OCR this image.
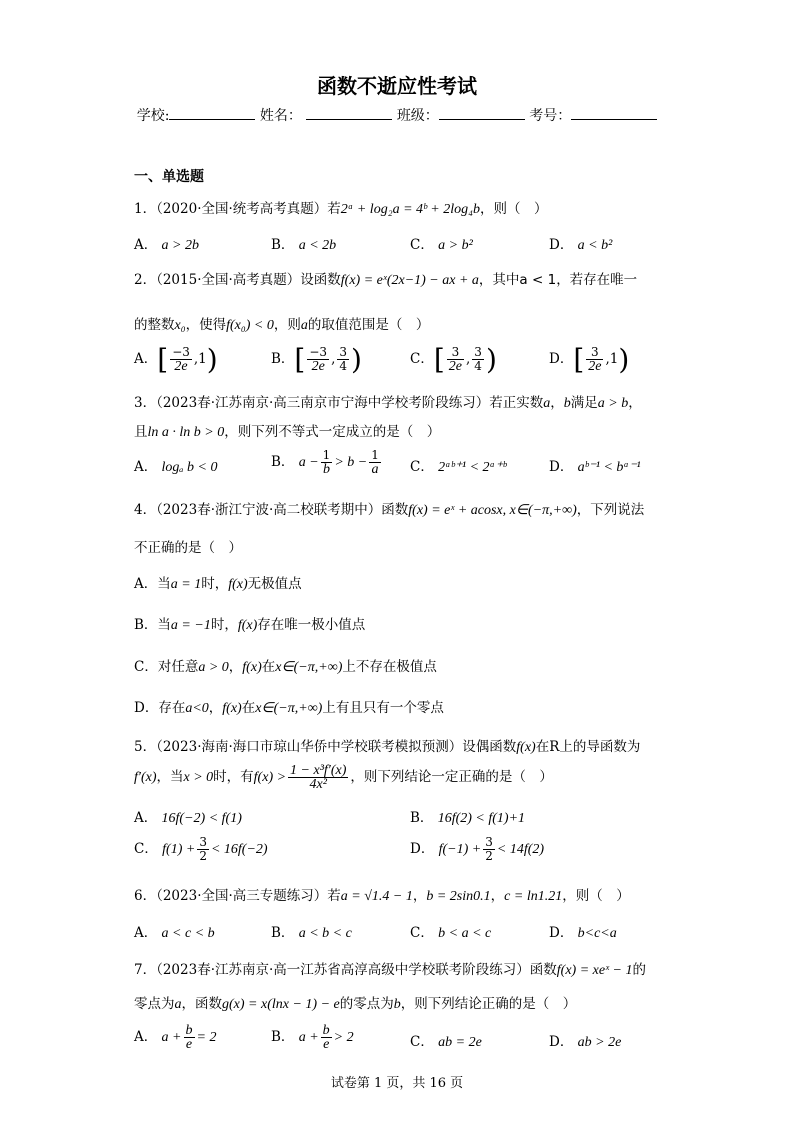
函数不逝应性考试
学校:	姓名：	班级：	考号：
一、单选题
1．（2020·全国·统考高考真题）若2ᵃ + log₂a = 4ᵇ + 2log₄b，则（　）
A． a > 2b	B． a < 2b	C． a > b²	D． a < b²
2．（2015·全国·高考真题）设函数f(x) = eˣ(2x−1) − ax + a，其中a < 1，若存在唯一
的整数x₀，使得f(x₀) < 0，则a的取值范围是（　）
A．[ $\frac{-3}{2e} ,1$)	B．[ $\frac{-3}{2e}$ , $\frac{3}{4}$ )	C．[ $\frac{3}{2e}$ , $\frac{3}{4}$ )	D．[ $\frac{3}{2e} ,1$)
3．（2023春·江苏南京·高三南京市宁海中学校考阶段练习）若正实数a，b满足a > b，
且ln a · ln b > 0，则下列不等式一定成立的是（　）
A． logₐ b < 0	B． $a - \frac{1}{b} > b - \frac{1}{a}$ C． 2ᵃᵇ⁺¹ < 2ᵃ⁺ᵇ	D． aᵇ⁻¹ < bᵃ⁻¹
4．（2023春·浙江宁波·高二校联考期中）函数f(x) = eˣ + acosx, x∈(−π,+∞)，下列说法
不正确的是（　）
A．当a = 1时，f(x)无极值点
B．当a = −1时，f(x)存在唯一极小值点
C．对任意a > 0，f(x)在x∈(−π,+∞)上不存在极值点
D．存在a<0，f(x)在x∈(−π,+∞)上有且只有一个零点
5．（2023·海南·海口市琼山华侨中学校联考模拟预测）设偶函数f(x)在R上的导函数为
f′(x)，当x > 0时，有$f(x) > \frac{\text{1 − x³f′(x)}}{\text{4x²}}$ ，则下列结论一定正确的是（　）
A． 16f(−2) < f(1)	B． 16f(2) < f(1)+1
C． $f(1) + \frac{3}{2} < 16f(-2)$	D． $f(-1) + \frac{3}{2} < 14f(2)$
6．（2023·全国·高三专题练习）若a = √1.4 − 1，b = 2sin0.1，c = ln1.21，则（　）
A． a < c < b	B． a < b < c	C． b < a < c	D． b<c<a
7．（2023春·江苏南京·高一江苏省高淳高级中学校联考阶段练习）函数f(x) = xeˣ − 1的
零点为a，函数g(x) = x(lnx − 1) − e的零点为b，则下列结论正确的是（　）
A． $a + \frac{b}{e} = 2$	B． $a + \frac{b}{e} > 2$	C． ab = 2e	D． ab > 2e
试卷第 1 页，共 16 页
